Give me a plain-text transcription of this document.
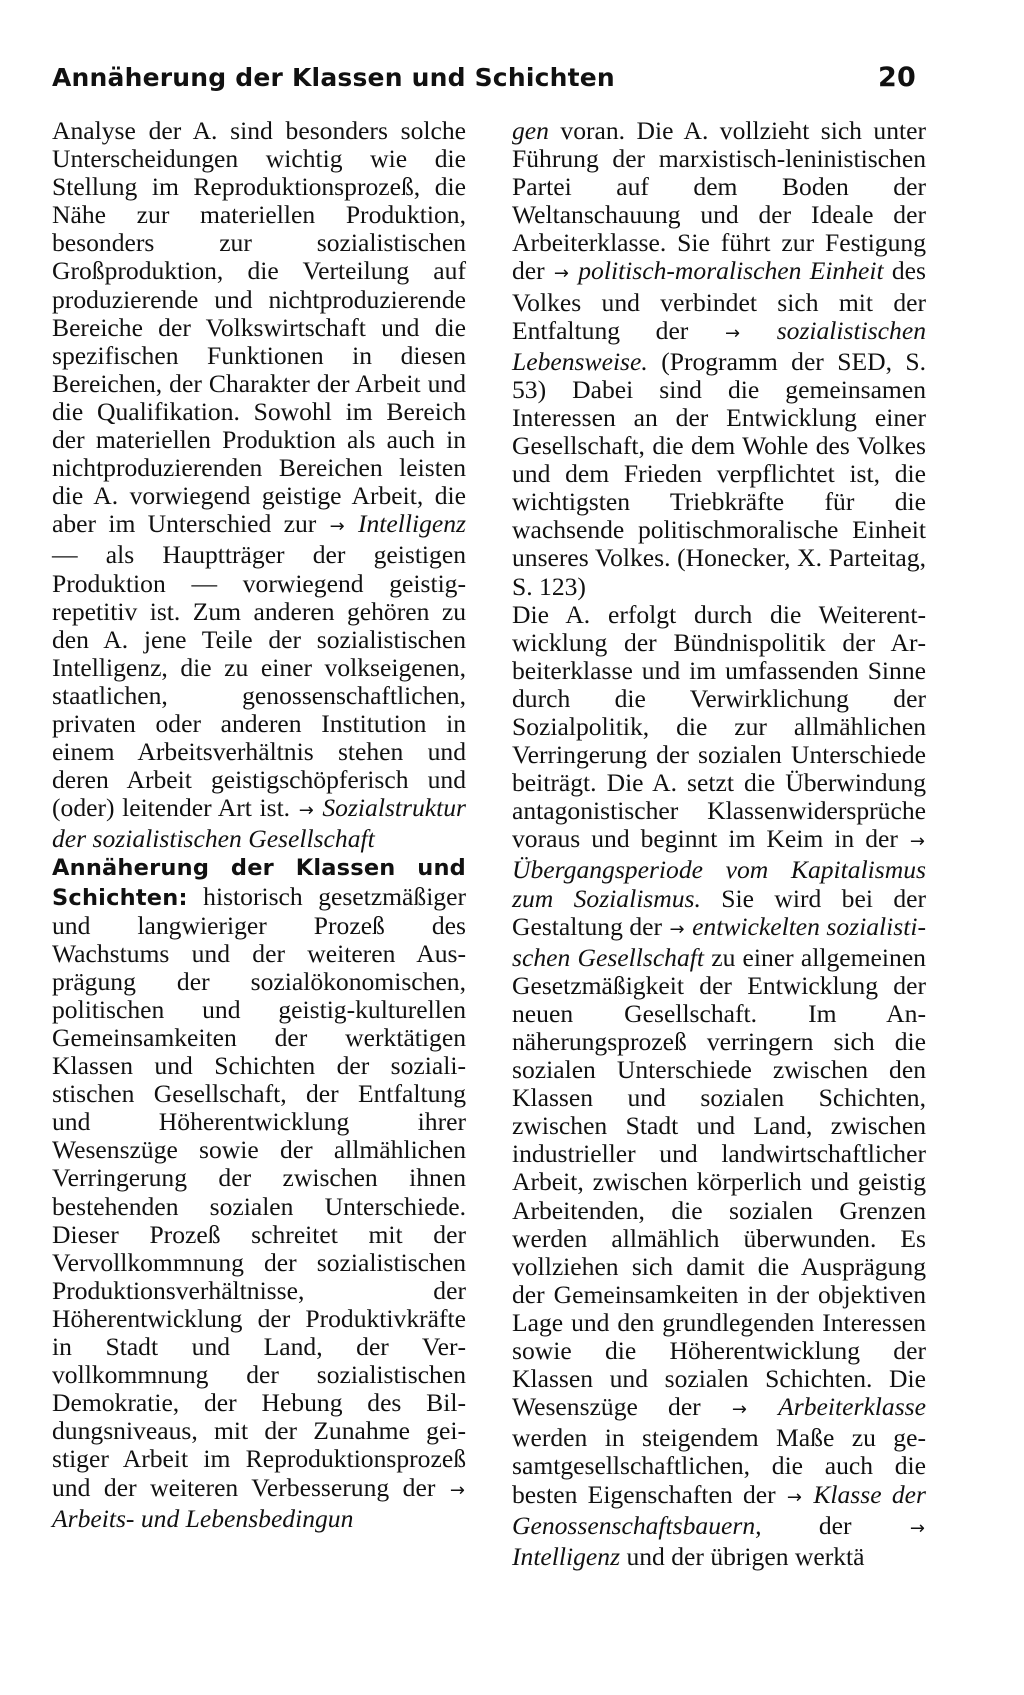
Annäherung der Klassen und Schichten	20

Analyse der A. sind besonders solche Unterscheidungen wichtig wie die Stellung im Reproduktionsprozeß, die Nähe zur materiellen Produktion, besonders zur sozialistischen Großproduktion, die Verteilung auf produzierende und nichtproduzierende Bereiche der Volkswirtschaft und die spezifischen Funktionen in diesen Bereichen, der Charakter der Arbeit und die Qualifikation. Sowohl im Bereich der materiellen Produktion als auch in nichtproduzierenden Bereichen leisten die A. vorwiegend geistige Arbeit, die aber im Unterschied zur → Intelligenz — als Hauptträger der geistigen Produktion — vorwiegend geistig-repetitiv ist. Zum anderen gehören zu den A. jene Teile der sozialistischen Intelligenz, die zu einer volkseigenen, staatlichen, genossenschaftlichen, privaten oder anderen Institution in einem Arbeitsverhältnis stehen und deren Arbeit geistigschöpferisch und (oder) leitender Art ist. → Sozialstruktur der sozialistischen Gesellschaft

Annäherung der Klassen und Schichten: historisch gesetzmäßiger und langwieriger Prozeß des Wachstums und der weiteren Ausprägung der sozialökonomischen, politischen und geistig-kulturellen Gemeinsamkeiten der werktätigen Klassen und Schichten der sozialistischen Gesellschaft, der Entfaltung und Höherentwicklung ihrer Wesenszüge sowie der allmählichen Verringerung der zwischen ihnen bestehenden sozialen Unterschiede. Dieser Prozeß schreitet mit der Vervollkommnung der sozialistischen Produktionsverhältnisse, der Höherentwicklung der Produktivkräfte in Stadt und Land, der Vervollkommnung der sozialistischen Demokratie, der Hebung des Bildungsniveaus, mit der Zunahme geistiger Arbeit im Reproduktionsprozeß und der weiteren Verbesserung der → Arbeits- und Lebensbedingun

gen voran. Die A. vollzieht sich unter Führung der marxistisch-leninistischen Partei auf dem Boden der Weltanschauung und der Ideale der Arbeiterklasse. Sie führt zur Festigung der → politisch-moralischen Einheit des Volkes und verbindet sich mit der Entfaltung der → sozialistischen Lebensweise. (Programm der SED, S. 53) Dabei sind die gemeinsamen Interessen an der Entwicklung einer Gesellschaft, die dem Wohle des Volkes und dem Frieden verpflichtet ist, die wichtigsten Triebkräfte für die wachsende politischmoralische Einheit unseres Volkes. (Honecker, X. Parteitag, S. 123)

Die A. erfolgt durch die Weiterentwicklung der Bündnispolitik der Arbeiterklasse und im umfassenden Sinne durch die Verwirklichung der Sozialpolitik, die zur allmählichen Verringerung der sozialen Unterschiede beiträgt. Die A. setzt die Überwindung antagonistischer Klassenwidersprüche voraus und beginnt im Keim in der → Übergangsperiode vom Kapitalismus zum Sozialismus. Sie wird bei der Gestaltung der → entwickelten sozialistischen Gesellschaft zu einer allgemeinen Gesetzmäßigkeit der Entwicklung der neuen Gesellschaft. Im Annäherungsprozeß verringern sich die sozialen Unterschiede zwischen den Klassen und sozialen Schichten, zwischen Stadt und Land, zwischen industrieller und landwirtschaftlicher Arbeit, zwischen körperlich und geistig Arbeitenden, die sozialen Grenzen werden allmählich überwunden. Es vollziehen sich damit die Ausprägung der Gemeinsamkeiten in der objektiven Lage und den grundlegenden Interessen sowie die Höherentwicklung der Klassen und sozialen Schichten. Die Wesenszüge der → Arbeiterklasse werden in steigendem Maße zu gesamtgesellschaftlichen, die auch die besten Eigenschaften der → Klasse der Genossenschaftsbauern, der	→ Intelligenz und der übrigen werktä
